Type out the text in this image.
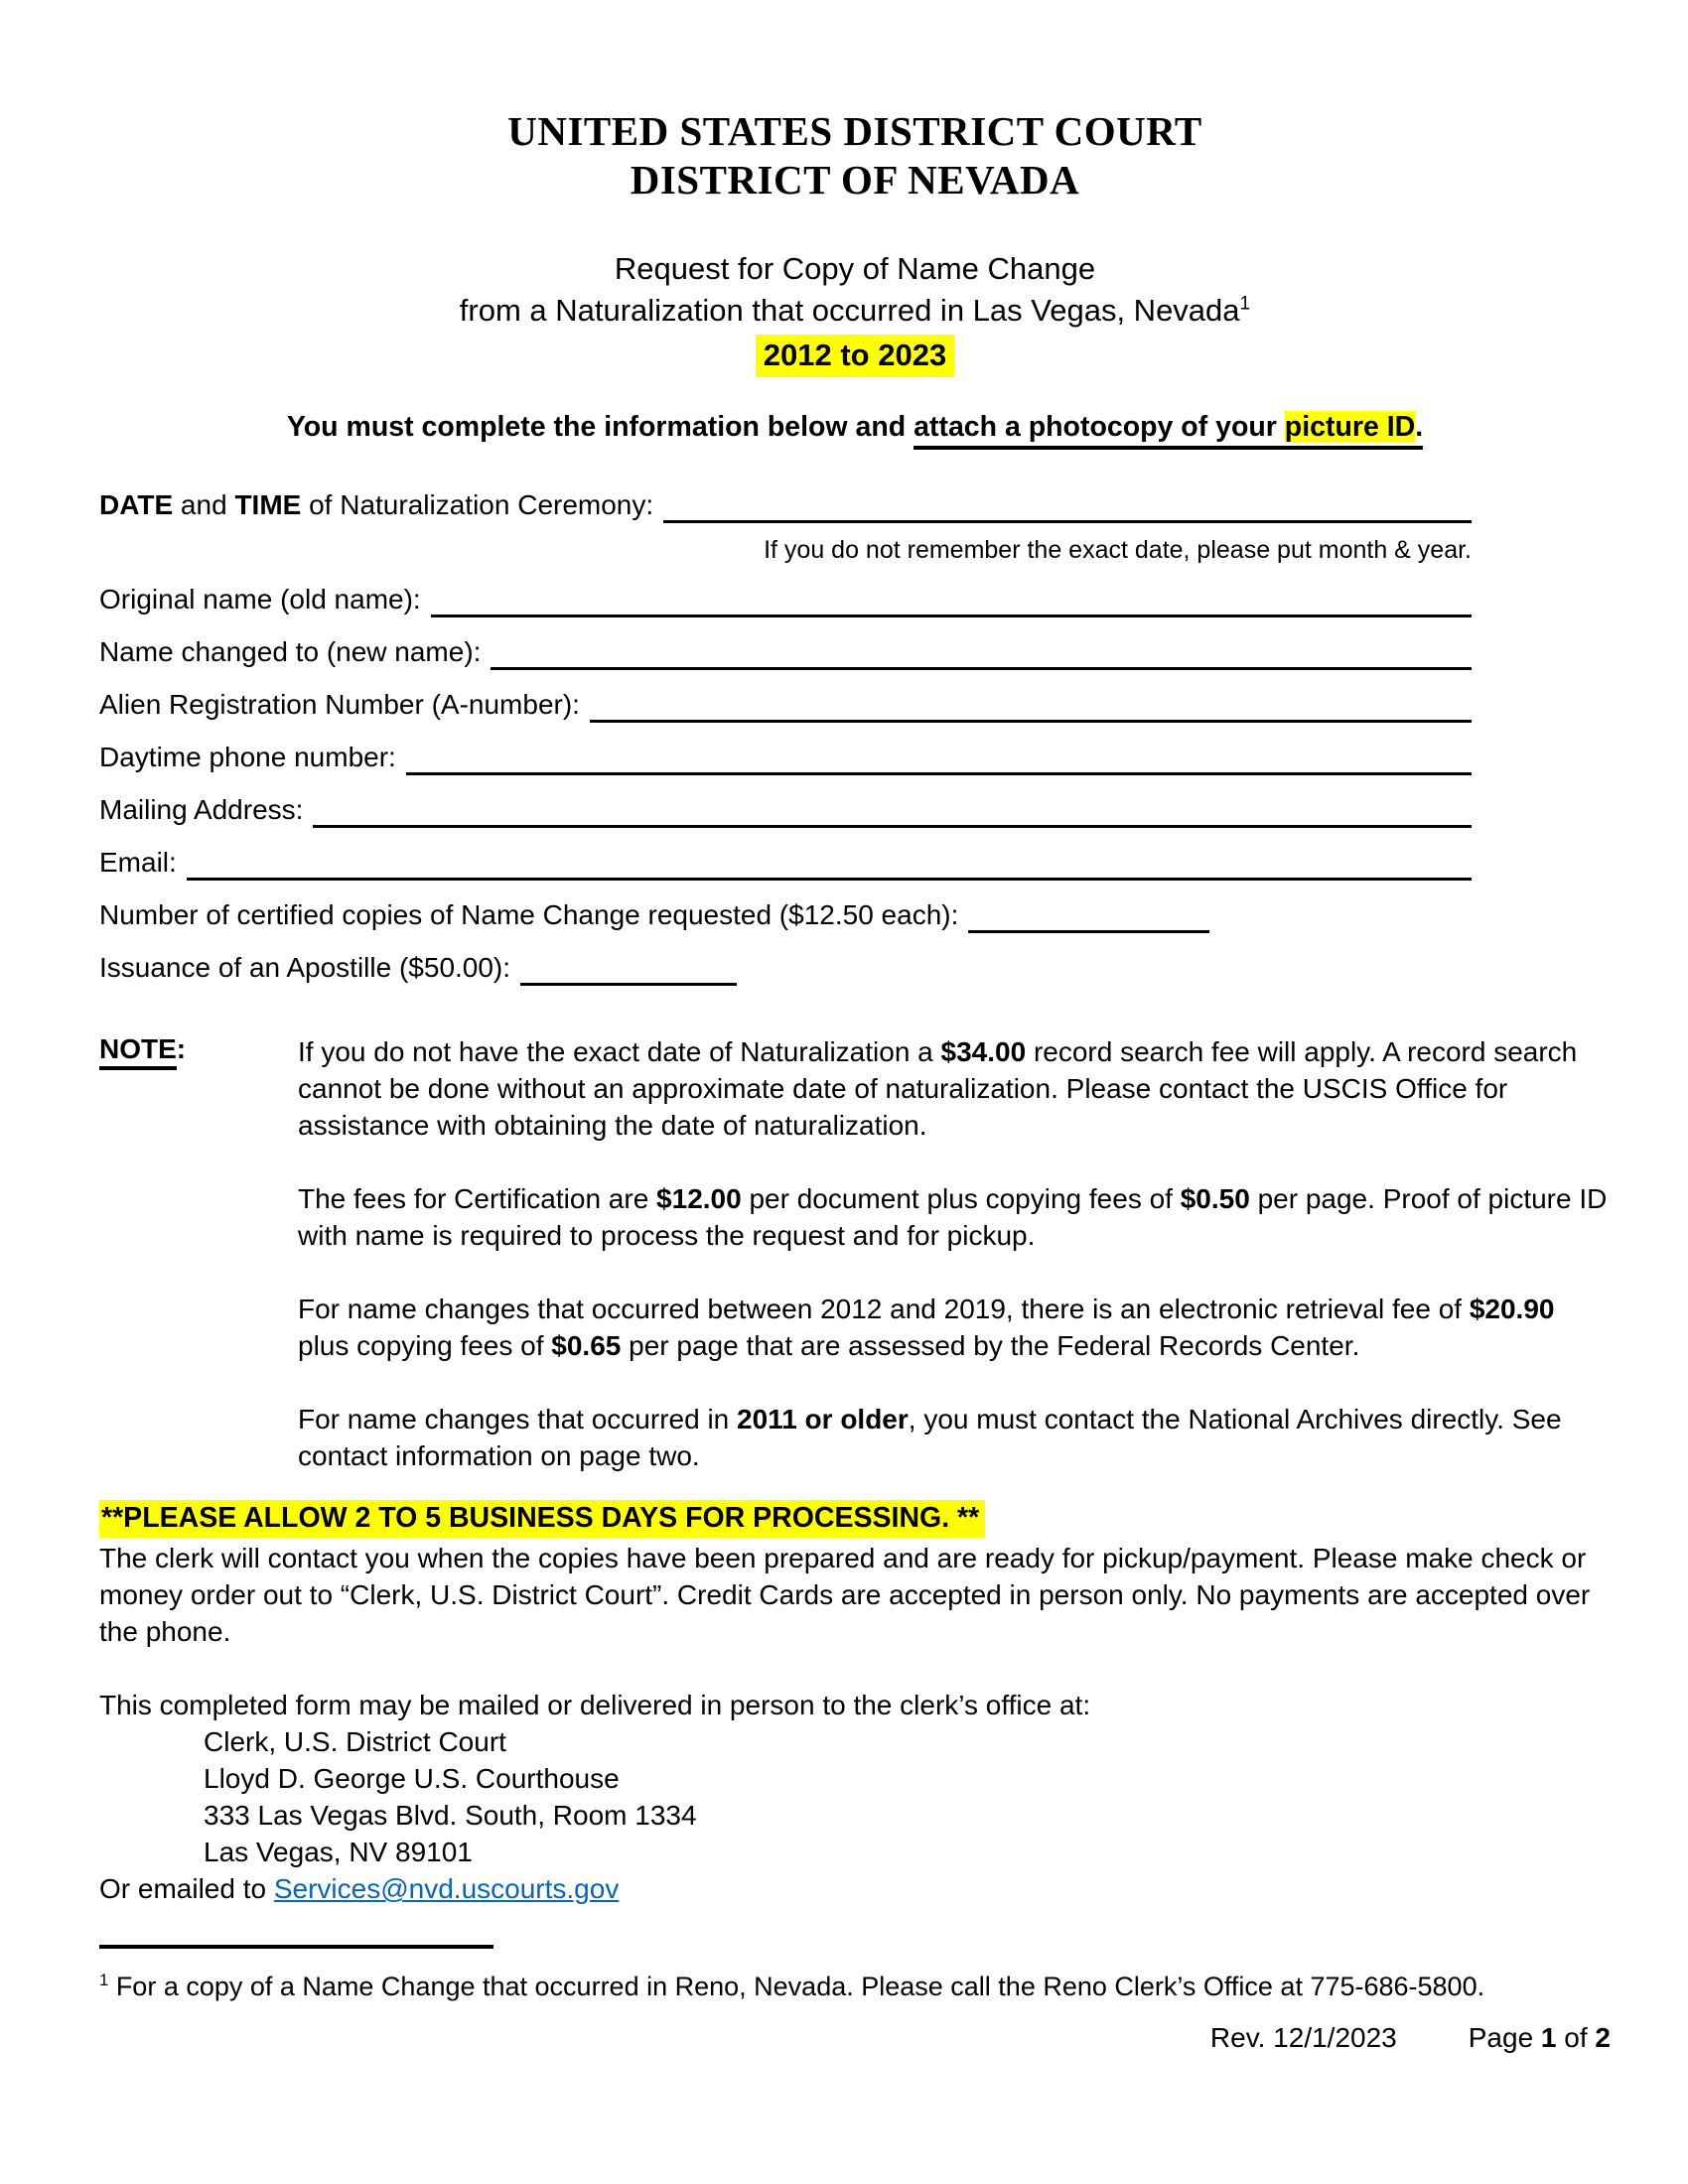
UNITED STATES DISTRICT COURT
DISTRICT OF NEVADA
Request for Copy of Name Change
from a Naturalization that occurred in Las Vegas, Nevada$^1$
2012 to 2023
You must complete the information below and attach a photocopy of your picture ID.
DATE and TIME of Naturalization Ceremony:
If you do not remember the exact date, please put month & year.
Original name (old name):
Name changed to (new name):
Alien Registration Number (A-number):
Daytime phone number:
Mailing Address:
Email:
Number of certified copies of Name Change requested ($12.50 each):
Issuance of an Apostille ($50.00):
NOTE:	If you do not have the exact date of Naturalization a $34.00 record search fee will apply. A record search cannot be done without an approximate date of naturalization. Please contact the USCIS Office for assistance with obtaining the date of naturalization.
The fees for Certification are $12.00 per document plus copying fees of $0.50 per page. Proof of picture ID with name is required to process the request and for pickup.
For name changes that occurred between 2012 and 2019, there is an electronic retrieval fee of $20.90 plus copying fees of $0.65 per page that are assessed by the Federal Records Center.
For name changes that occurred in 2011 or older, you must contact the National Archives directly. See contact information on page two.
**PLEASE ALLOW 2 TO 5 BUSINESS DAYS FOR PROCESSING. **
The clerk will contact you when the copies have been prepared and are ready for pickup/payment. Please make check or money order out to “Clerk, U.S. District Court”. Credit Cards are accepted in person only. No payments are accepted over the phone.
This completed form may be mailed or delivered in person to the clerk’s office at:
Clerk, U.S. District Court
Lloyd D. George U.S. Courthouse
333 Las Vegas Blvd. South, Room 1334
Las Vegas, NV 89101
Or emailed to Services@nvd.uscourts.gov
$^1$ For a copy of a Name Change that occurred in Reno, Nevada. Please call the Reno Clerk’s Office at 775-686-5800.
Rev. 12/1/2023	Page 1 of 2
